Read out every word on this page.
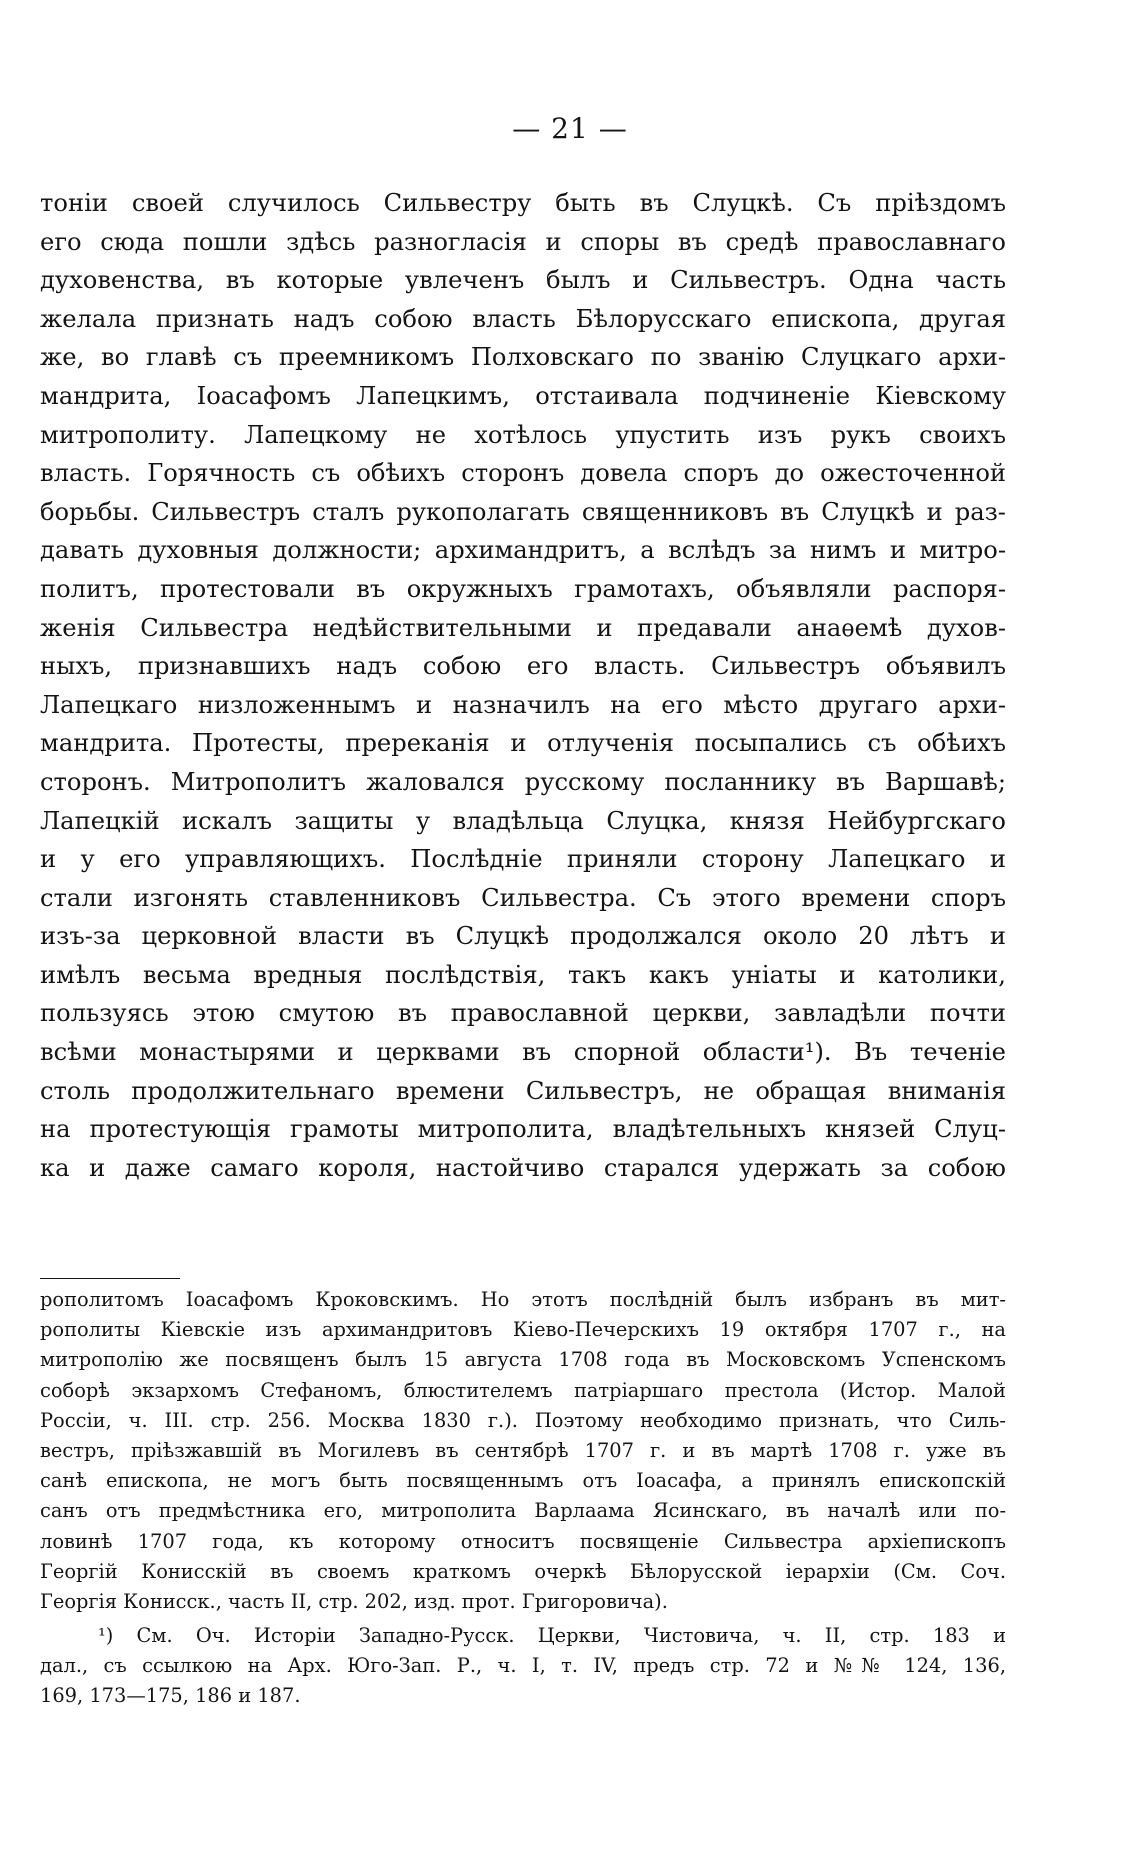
— 21 —
тоніи своей случилось Сильвестру быть въ Слуцкѣ. Съ пріѣздомъ
его сюда пошли здѣсь разногласія и споры въ средѣ православнаго
духовенства, въ которые увлеченъ былъ и Сильвестръ. Одна часть
желала признать надъ собою власть Бѣлорусскаго епископа, другая
же, во главѣ съ преемникомъ Полховскаго по званію Слуцкаго архи-
мандрита, Іоасафомъ Лапецкимъ, отстаивала подчиненіе Кіевскому
митрополиту. Лапецкому не хотѣлось упустить изъ рукъ своихъ
власть. Горячность съ обѣихъ сторонъ довела споръ до ожесточенной
борьбы. Сильвестръ сталъ рукополагать священниковъ въ Слуцкѣ и раз-
давать духовныя должности; архимандритъ, а вслѣдъ за нимъ и митро-
политъ, протестовали въ окружныхъ грамотахъ, объявляли распоря-
женія Сильвестра недѣйствительными и предавали анаѳемѣ духов-
ныхъ, признавшихъ надъ собою его власть. Сильвестръ объявилъ
Лапецкаго низложеннымъ и назначилъ на его мѣсто другаго архи-
мандрита. Протесты, пререканія и отлученія посыпались съ обѣихъ
сторонъ. Митрополитъ жаловался русскому посланнику въ Варшавѣ;
Лапецкій искалъ защиты у владѣльца Слуцка, князя Нейбургскаго
и у его управляющихъ. Послѣдніе приняли сторону Лапецкаго и
стали изгонять ставленниковъ Сильвестра. Съ этого времени споръ
изъ-за церковной власти въ Слуцкѣ продолжался около 20 лѣтъ и
имѣлъ весьма вредныя послѣдствія, такъ какъ уніаты и католики,
пользуясь этою смутою въ православной церкви, завладѣли почти
всѣми монастырями и церквами въ спорной области¹). Въ теченіе
столь продолжительнаго времени Сильвестръ, не обращая вниманія
на протестующія грамоты митрополита, владѣтельныхъ князей Слуц-
ка и даже самаго короля, настойчиво старался удержать за собою
рополитомъ Іоасафомъ Кроковскимъ. Но этотъ послѣдній былъ избранъ въ мит-
рополиты Кіевскіе изъ архимандритовъ Кіево-Печерскихъ 19 октября 1707 г., на
митрополію же посвященъ былъ 15 августа 1708 года въ Московскомъ Успенскомъ
соборѣ экзархомъ Стефаномъ, блюстителемъ патріаршаго престола (Истор. Малой
Россіи, ч. III. стр. 256. Москва 1830 г.). Поэтому необходимо признать, что Силь-
вестръ, пріѣзжавшій въ Могилевъ въ сентябрѣ 1707 г. и въ мартѣ 1708 г. уже въ
санѣ епископа, не могъ быть посвященнымъ отъ Іоасафа, а принялъ епископскій
санъ отъ предмѣстника его, митрополита Варлаама Ясинскаго, въ началѣ или по-
ловинѣ 1707 года, къ которому относитъ посвященіе Сильвестра архіепископъ
Георгій Конисскій въ своемъ краткомъ очеркѣ Бѣлорусской іерархіи (См. Соч.
Георгія Конисск., часть II, стр. 202, изд. прот. Григоровича).
¹) См. Оч. Исторіи Западно-Русск. Церкви, Чистовича, ч. II, стр. 183 и
дал., съ ссылкою на Арх. Юго-Зап. Р., ч. I, т. IV, предъ стр. 72 и №№ 124, 136,
169, 173—175, 186 и 187.
